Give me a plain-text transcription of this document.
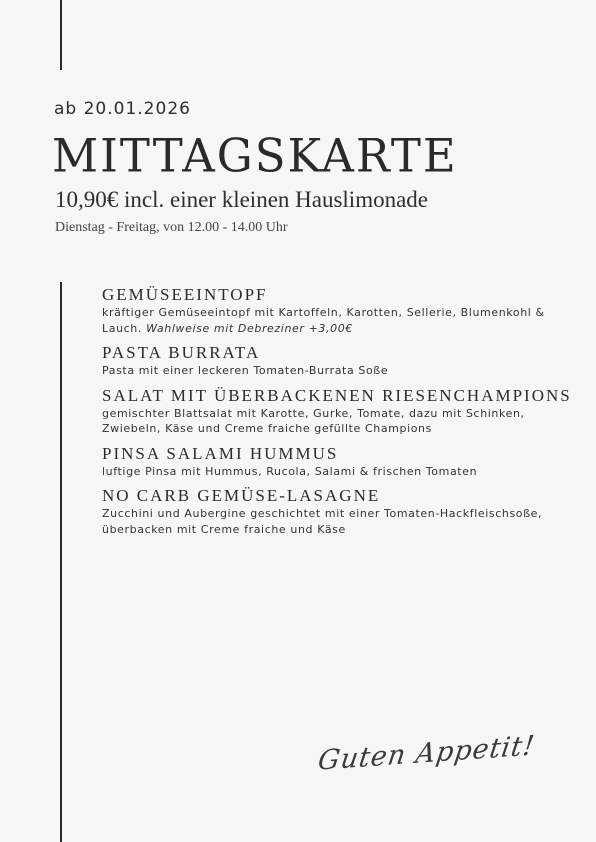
ab 20.01.2026
MITTAGSKARTE
10,90€ incl. einer kleinen Hauslimonade
Dienstag - Freitag, von 12.00 - 14.00 Uhr
GEMÜSEEINTOPF
kräftiger Gemüseeintopf mit Kartoffeln, Karotten, Sellerie, Blumenkohl & Lauch. Wahlweise mit Debreziner +3,00€
PASTA BURRATA
Pasta mit einer leckeren Tomaten-Burrata Soße
SALAT MIT ÜBERBACKENEN RIESENCHAMPIONS
gemischter Blattsalat mit Karotte, Gurke, Tomate, dazu mit Schinken, Zwiebeln, Käse und Creme fraiche gefüllte Champions
PINSA SALAMI HUMMUS
luftige Pinsa mit Hummus, Rucola, Salami & frischen Tomaten
NO CARB GEMÜSE-LASAGNE
Zucchini und Aubergine geschichtet mit einer Tomaten-Hackfleischsoße, überbacken mit Creme fraiche und Käse
Guten Appetit!
